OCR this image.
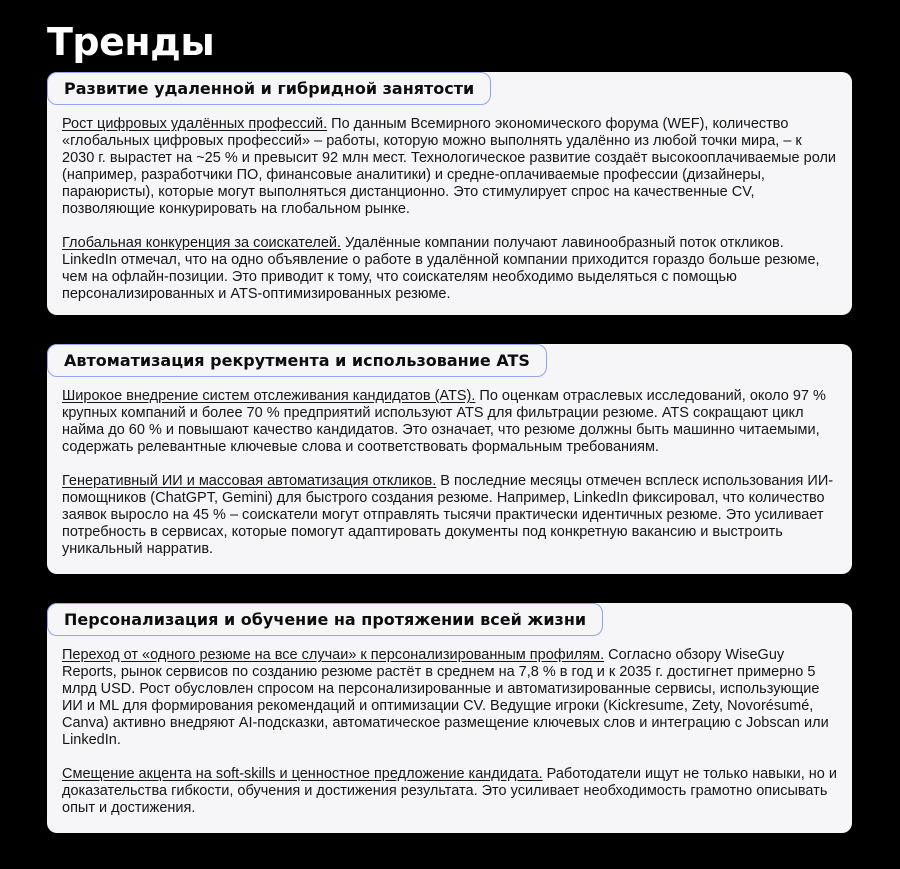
Тренды
Развитие удаленной и гибридной занятости

Рост цифровых удалённых профессий. По данным Всемирного экономического форума (WEF), количество «глобальных цифровых профессий» – работы, которую можно выполнять удалённо из любой точки мира, – к 2030 г. вырастет на ~25 % и превысит 92 млн мест. Технологическое развитие создаёт высокооплачиваемые роли (например, разработчики ПО, финансовые аналитики) и средне-оплачиваемые профессии (дизайнеры, параюристы), которые могут выполняться дистанционно. Это стимулирует спрос на качественные CV, позволяющие конкурировать на глобальном рынке.

Глобальная конкуренция за соискателей. Удалённые компании получают лавинообразный поток откликов. LinkedIn отмечал, что на одно объявление о работе в удалённой компании приходится гораздо больше резюме, чем на офлайн-позиции. Это приводит к тому, что соискателям необходимо выделяться с помощью персонализированных и ATS-оптимизированных резюме.

Автоматизация рекрутмента и использование ATS

Широкое внедрение систем отслеживания кандидатов (ATS). По оценкам отраслевых исследований, около 97 % крупных компаний и более 70 % предприятий используют ATS для фильтрации резюме. ATS сокращают цикл найма до 60 % и повышают качество кандидатов. Это означает, что резюме должны быть машинно читаемыми, содержать релевантные ключевые слова и соответствовать формальным требованиям.

Генеративный ИИ и массовая автоматизация откликов. В последние месяцы отмечен всплеск использования ИИ-помощников (ChatGPT, Gemini) для быстрого создания резюме. Например, LinkedIn фиксировал, что количество заявок выросло на 45 % – соискатели могут отправлять тысячи практически идентичных резюме. Это усиливает потребность в сервисах, которые помогут адаптировать документы под конкретную вакансию и выстроить уникальный нарратив.

Персонализация и обучение на протяжении всей жизни

Переход от «одного резюме на все случаи» к персонализированным профилям. Согласно обзору WiseGuy Reports, рынок сервисов по созданию резюме растёт в среднем на 7,8 % в год и к 2035 г. достигнет примерно 5 млрд USD. Рост обусловлен спросом на персонализированные и автоматизированные сервисы, использующие ИИ и ML для формирования рекомендаций и оптимизации CV. Ведущие игроки (Kickresume, Zety, Novorésumé, Canva) активно внедряют AI-подсказки, автоматическое размещение ключевых слов и интеграцию с Jobscan или LinkedIn.

Смещение акцента на soft-skills и ценностное предложение кандидата. Работодатели ищут не только навыки, но и доказательства гибкости, обучения и достижения результата. Это усиливает необходимость грамотно описывать опыт и достижения.
